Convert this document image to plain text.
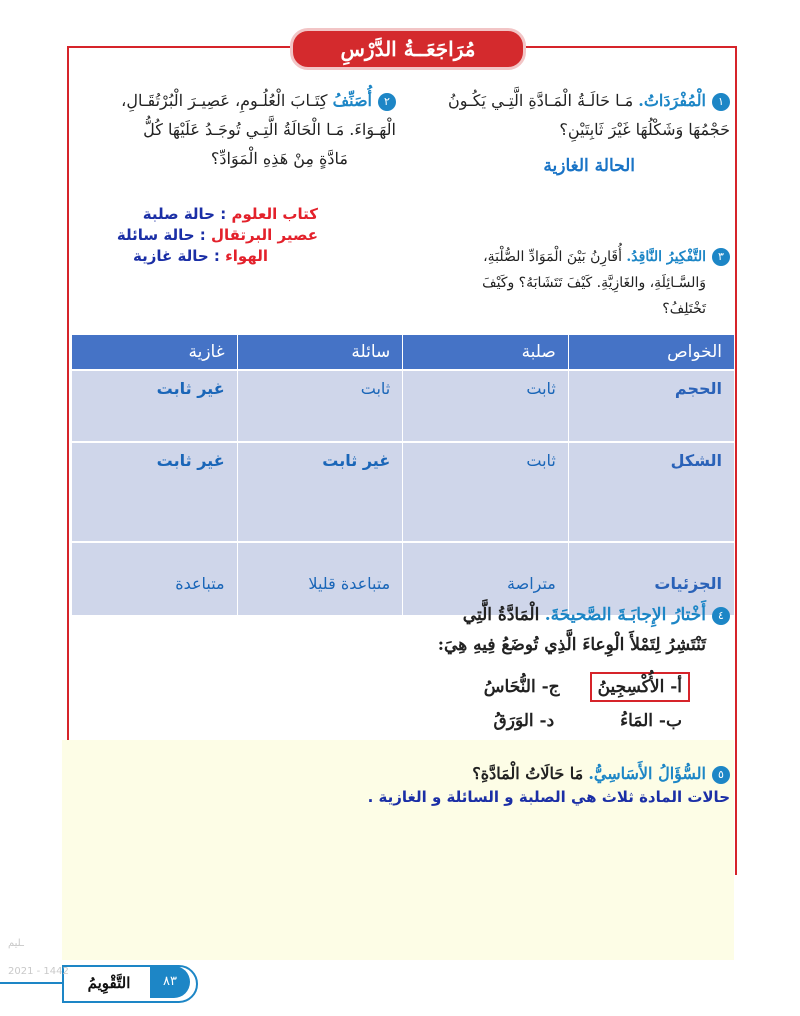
مُرَاجَعَــةُ الدَّرْسِ
١الْمُفْرَدَاتُ. مَـا حَالَـةُ الْمَـادَّةِ الَّتِـي يَكُـونُ
حَجْمُهَا وَشَكْلُهَا غَيْرَ ثَابِتَيْنِ؟
الحالة الغازية
٢أُصَنِّفُ كِتَـابَ الْعُلُـومِ، عَصِيـرَ الْبُرْتُقَـالِ،
الْهَـوَاءَ. مَـا الْحَالَةُ الَّتِـي تُوجَـدُ عَلَيْهَا كُلُّ
مَادَّةٍ مِنْ هَذِهِ الْمَوَادِّ؟
كتاب العلوم : حالة صلبة
عصير البرتقال : حالة سائلة
الهواء : حالة غازية	٣التَّفْكِيرُ النَّاقِدُ. أُقَارِنُ بَيْنَ الْمَوَادِّ الصُّلْبَةِ،
وَالسَّـائِلَةِ، والغَازِيَّةِ. كَيْفَ تَتَشَابَهُ؟ وكَيْفَ
تَخْتَلِفُ؟
الخواص	صلبة	سائلة	غازية
الحجم	ثابت	ثابت	غير ثابت
الشكل	ثابت	غير ثابت	غير ثابت
الجزئيات	متراصة	متباعدة قليلا	متباعدة
٤أَخْتارُ الإِجابَـةَ الصَّحيحَةَ. الْمَادَّةُ الَّتِي
تَنْتَشِرُ لِتَمْلأَ الْوِعاءَ الَّذِي تُوضَعُ فِيهِ هِيَ:
أ- الأُكْسِجِينُ ج- النُّحَاسُ
ب- المَاءُ د- الوَرَقُ
٥السُّؤَالُ الأَسَاسِيُّ. مَا حَالَاتُ الْمَادَّةِ؟
حالات المادة ثلاث هي الصلبة و السائلة و الغازية .
التَّقْوِيمُ	٨٣
ـليم
2021 - 1442
